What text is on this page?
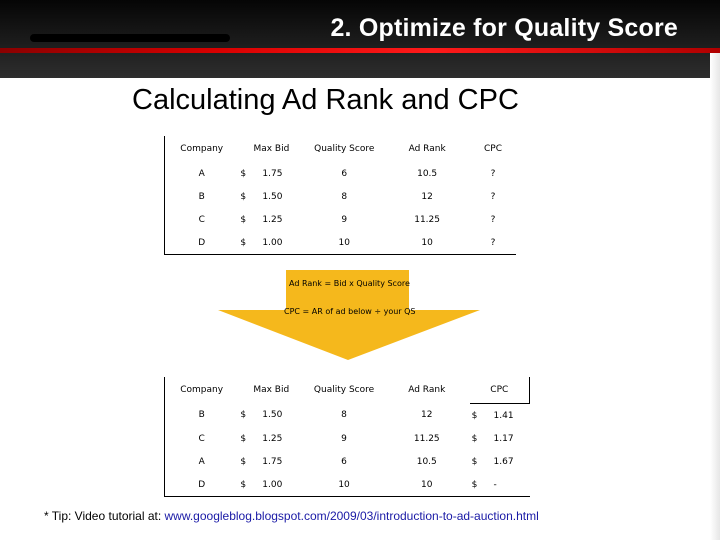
2. Optimize for Quality Score
Calculating Ad Rank and CPC
Company	Max Bid		Quality Score	Ad Rank	CPC
A	$	1.75	6	10.5	?
B	$	1.50	8	12	?
C	$	1.25	9	11.25	?
D	$	1.00	10	10	?
Ad Rank = Bid x Quality Score
CPC = AR of ad below ÷ your QS
Company	Max Bid		Quality Score	Ad Rank	CPC	
B	$	1.50	8	12	$	1.41
C	$	1.25	9	11.25	$	1.17
A	$	1.75	6	10.5	$	1.67
D	$	1.00	10	10	$	-
* Tip: Video tutorial at: www.googleblog.blogspot.com/2009/03/introduction-to-ad-auction.html
